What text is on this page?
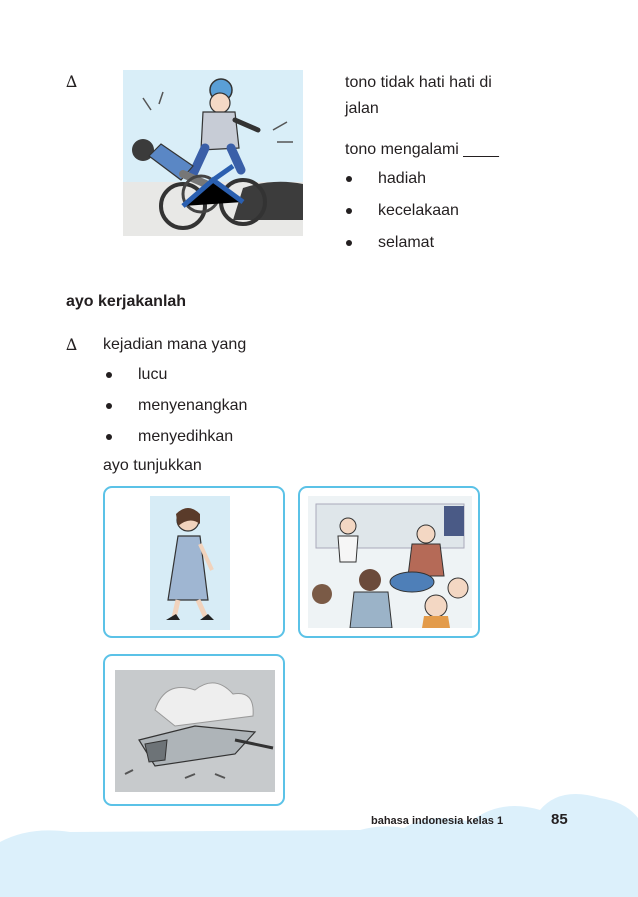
∆	tono tidak hati hati di
jalan
tono mengalami ____
hadiah
kecelakaan
selamat
ayo kerjakanlah
∆ kejadian mana yang
lucu
menyenangkan
menyedihkan
ayo tunjukkan
bahasa indonesia kelas 1	85
